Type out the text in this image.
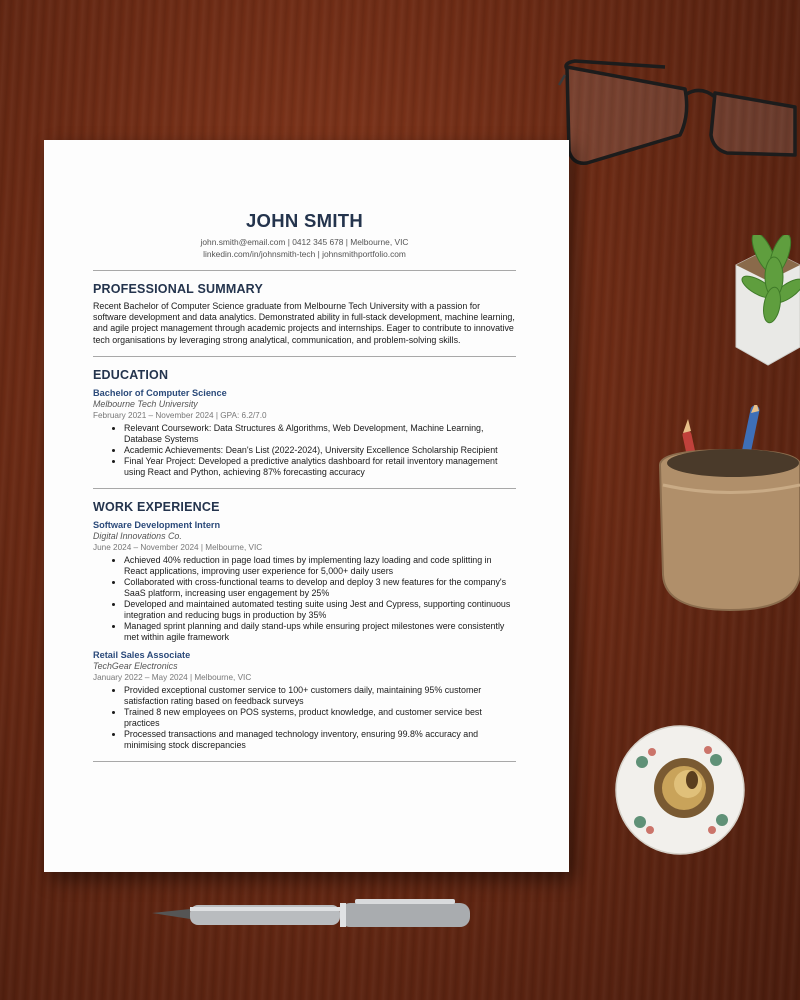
JOHN SMITH
john.smith@email.com | 0412 345 678 | Melbourne, VIC
linkedin.com/in/johnsmith-tech | johnsmithportfolio.com
PROFESSIONAL SUMMARY

Recent Bachelor of Computer Science graduate from Melbourne Tech University with a passion for software development and data analytics. Demonstrated ability in full-stack development, machine learning, and agile project management through academic projects and internships. Eager to contribute to innovative tech organisations by leveraging strong analytical, communication, and problem-solving skills.

EDUCATION
Bachelor of Computer Science
Melbourne Tech University
February 2021 – November 2024 | GPA: 6.2/7.0
• Relevant Coursework: Data Structures & Algorithms, Web Development, Machine Learning, Database Systems
• Academic Achievements: Dean's List (2022-2024), University Excellence Scholarship Recipient
• Final Year Project: Developed a predictive analytics dashboard for retail inventory management using React and Python, achieving 87% forecasting accuracy
WORK EXPERIENCE
Software Development Intern
Digital Innovations Co.
June 2024 – November 2024 | Melbourne, VIC
• Achieved 40% reduction in page load times by implementing lazy loading and code splitting in React applications, improving user experience for 5,000+ daily users
• Collaborated with cross-functional teams to develop and deploy 3 new features for the company's SaaS platform, increasing user engagement by 25%
• Developed and maintained automated testing suite using Jest and Cypress, supporting continuous integration and reducing bugs in production by 35%
• Managed sprint planning and daily stand-ups while ensuring project milestones were consistently met within agile framework
Retail Sales Associate
TechGear Electronics
January 2022 – May 2024 | Melbourne, VIC
• Provided exceptional customer service to 100+ customers daily, maintaining 95% customer satisfaction rating based on feedback surveys
• Trained 8 new employees on POS systems, product knowledge, and customer service best practices
• Processed transactions and managed technology inventory, ensuring 99.8% accuracy and minimising stock discrepancies
